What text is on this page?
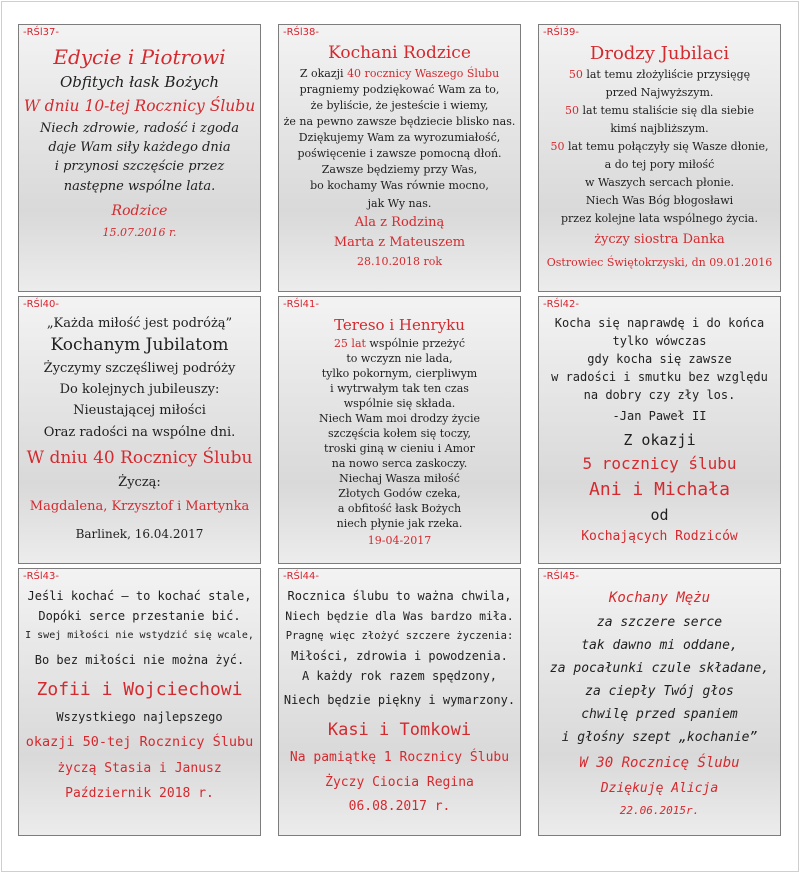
-RŚl37-
Edycie i Piotrowi
Obfitych łask Bożych
W dniu 10-tej Rocznicy Ślubu
Niech zdrowie, radość i zgoda
daje Wam siły każdego dnia
i przynosi szczęście przez
następne wspólne lata.
Rodzice
15.07.2016 r.
-RŚl38-
Kochani Rodzice
Z okazji 40 rocznicy Waszego Ślubu
pragniemy podziękować Wam za to,
że byliście, że jesteście i wiemy,
że na pewno zawsze będziecie blisko nas.
Dziękujemy Wam za wyrozumiałość,
poświęcenie i zawsze pomocną dłoń.
Zawsze będziemy przy Was,
bo kochamy Was równie mocno,
jak Wy nas.
Ala z Rodziną
Marta z Mateuszem
28.10.2018 rok
-RŚl39-
Drodzy Jubilaci
50 lat temu złożyliście przysięgę
przed Najwyższym.
50 lat temu staliście się dla siebie
kimś najbliższym.
50 lat temu połączyły się Wasze dłonie,
a do tej pory miłość
w Waszych sercach płonie.
Niech Was Bóg błogosławi
przez kolejne lata wspólnego życia.
życzy siostra Danka
Ostrowiec Świętokrzyski, dn 09.01.2016
-RŚl40-
„Każda miłość jest podróżą”
Kochanym Jubilatom
Życzymy szczęśliwej podróży
Do kolejnych jubileuszy:
Nieustającej miłości
Oraz radości na wspólne dni.
W dniu 40 Rocznicy Ślubu
Życzą:
Magdalena, Krzysztof i Martynka
Barlinek, 16.04.2017
-RŚl41-
Tereso i Henryku
25 lat wspólnie przeżyć
to wczyzn nie lada,
tylko pokornym, cierpliwym
i wytrwałym tak ten czas
wspólnie się składa.
Niech Wam moi drodzy życie
szczęścia kołem się toczy,
troski giną w cieniu i Amor
na nowo serca zaskoczy.
Niechaj Wasza miłość
Złotych Godów czeka,
a obfitość łask Bożych
niech płynie jak rzeka.
19-04-2017
-RŚl42-
Kocha się naprawdę i do końca
tylko wówczas
gdy kocha się zawsze
w radości i smutku bez względu
na dobry czy zły los.
-Jan Paweł II
Z okazji
5 rocznicy ślubu
Ani i Michała
od
Kochających Rodziców
-RŚl43-
Jeśli kochać – to kochać stale,
Dopóki serce przestanie bić.
I swej miłości nie wstydzić się wcale,
Bo bez miłości nie można żyć.
Zofii i Wojciechowi
Wszystkiego najlepszego
okazji 50-tej Rocznicy Ślubu
życzą Stasia i Janusz
Październik 2018 r.
-RŚl44-
Rocznica ślubu to ważna chwila,
Niech będzie dla Was bardzo miła.
Pragnę więc złożyć szczere życzenia:
Miłości, zdrowia i powodzenia.
A każdy rok razem spędzony,
Niech będzie piękny i wymarzony.
Kasi i Tomkowi
Na pamiątkę 1 Rocznicy Ślubu
Życzy Ciocia Regina
06.08.2017 r.
-RŚl45-
Kochany Mężu
za szczere serce
tak dawno mi oddane,
za pocałunki czule składane,
za ciepły Twój głos
chwilę przed spaniem
i głośny szept „kochanie”
W 30 Rocznicę Ślubu
Dziękuję Alicja
22.06.2015r.
